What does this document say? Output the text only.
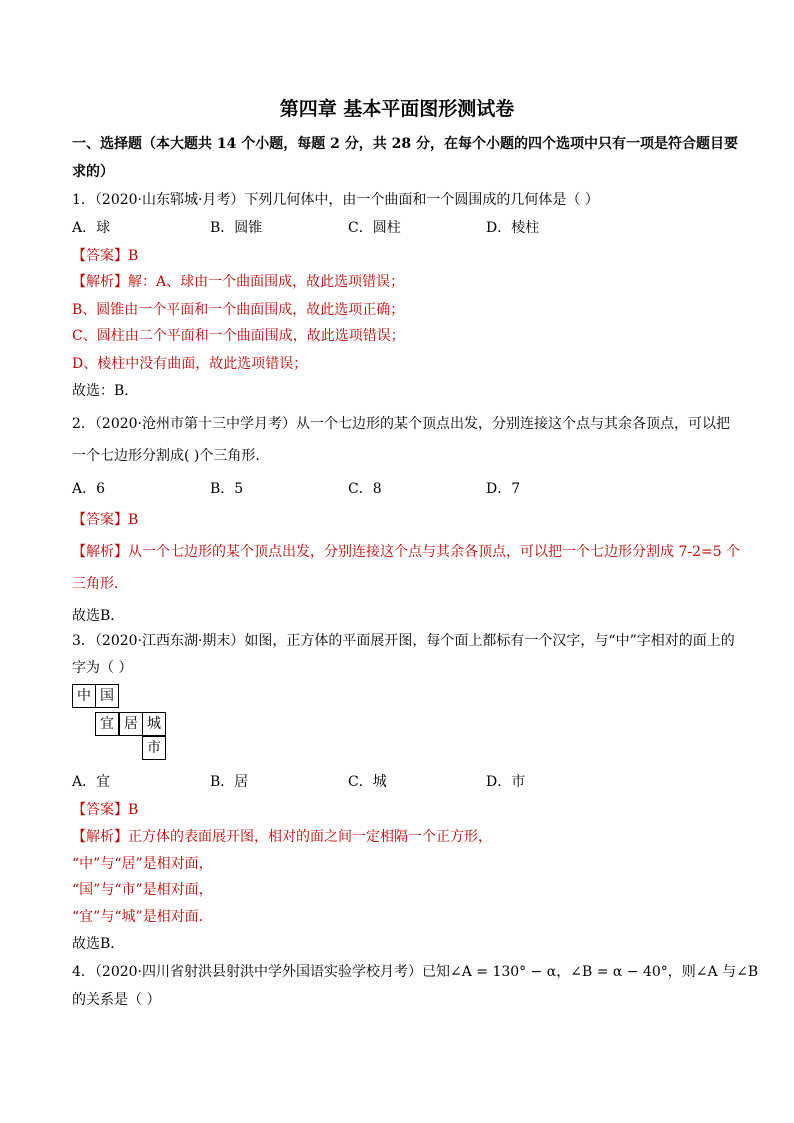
第四章 基本平面图形测试卷
一、选择题（本大题共 14 个小题，每题 2 分，共 28 分，在每个小题的四个选项中只有一项是符合题目要
求的）
1．（2020·山东郓城·月考）下列几何体中，由一个曲面和一个圆围成的几何体是（ ）
A．球	B．圆锥	C．圆柱	D．棱柱
【答案】B
【解析】解：A、球由一个曲面围成，故此选项错误；
B、圆锥由一个平面和一个曲面围成，故此选项正确；
C、圆柱由二个平面和一个曲面围成，故此选项错误；
D、棱柱中没有曲面，故此选项错误；
故选：B．
2．（2020·沧州市第十三中学月考）从一个七边形的某个顶点出发，分别连接这个点与其余各顶点，可以把
一个七边形分割成( )个三角形.
A．6	B．5	C．8	D．7
【答案】B
【解析】从一个七边形的某个顶点出发，分别连接这个点与其余各顶点，可以把一个七边形分割成 7-2=5 个
三角形．
故选B．
3．（2020·江西东湖·期末）如图，正方体的平面展开图，每个面上都标有一个汉字，与“中”字相对的面上的
字为（ ）
中 国
宜 居 城
市
A．宜	B．居	C．城	D．市
【答案】B
【解析】正方体的表面展开图，相对的面之间一定相隔一个正方形，
“中”与“居”是相对面，
“国”与“市”是相对面，
“宜”与“城”是相对面．
故选B．
4．（2020·四川省射洪县射洪中学外国语实验学校月考）已知∠A = 130° − α，∠B = α − 40°，则∠A 与∠B
的关系是（ ）
